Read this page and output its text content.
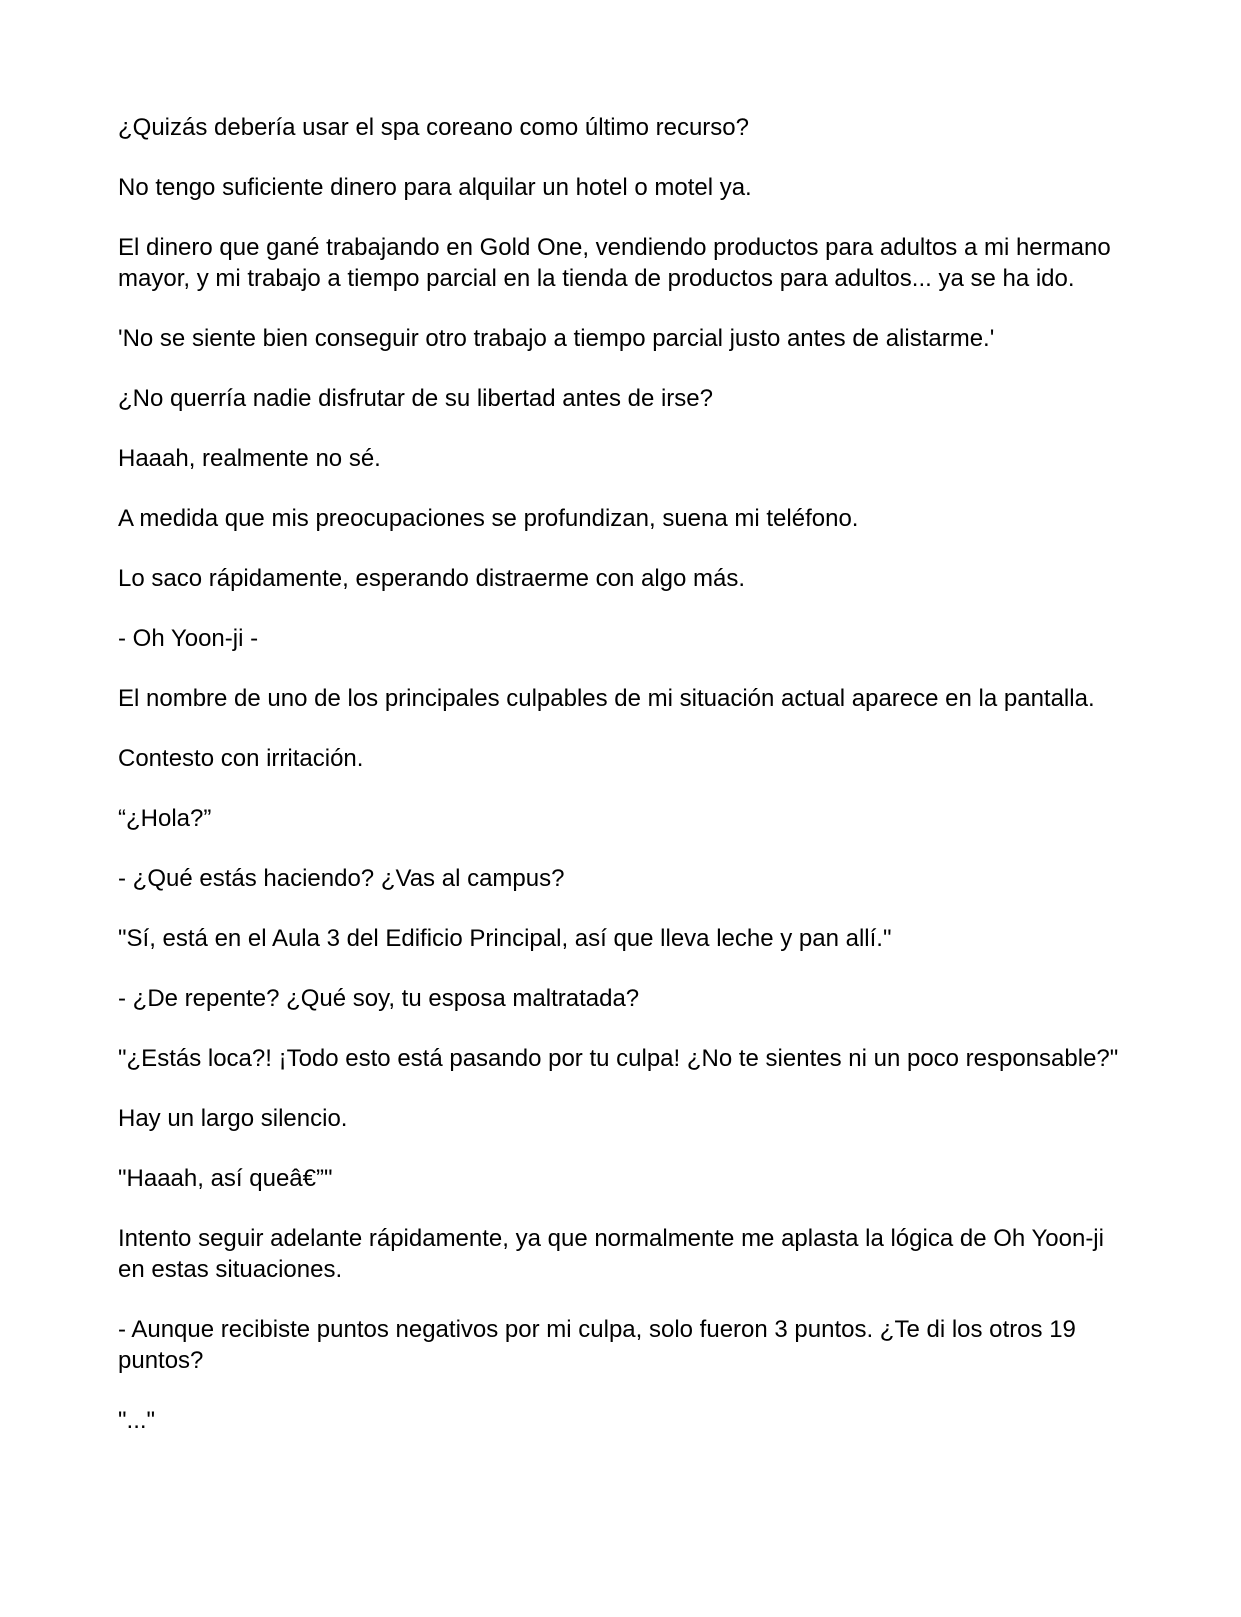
¿Quizás debería usar el spa coreano como último recurso?

No tengo suficiente dinero para alquilar un hotel o motel ya.

El dinero que gané trabajando en Gold One, vendiendo productos para adultos a mi hermano mayor, y mi trabajo a tiempo parcial en la tienda de productos para adultos... ya se ha ido.

'No se siente bien conseguir otro trabajo a tiempo parcial justo antes de alistarme.'

¿No querría nadie disfrutar de su libertad antes de irse?

Haaah, realmente no sé.

A medida que mis preocupaciones se profundizan, suena mi teléfono.

Lo saco rápidamente, esperando distraerme con algo más.

- Oh Yoon-ji -

El nombre de uno de los principales culpables de mi situación actual aparece en la pantalla.

Contesto con irritación.

“¿Hola?”

- ¿Qué estás haciendo? ¿Vas al campus?

"Sí, está en el Aula 3 del Edificio Principal, así que lleva leche y pan allí."

- ¿De repente? ¿Qué soy, tu esposa maltratada?

"¿Estás loca?! ¡Todo esto está pasando por tu culpa! ¿No te sientes ni un poco responsable?"

Hay un largo silencio.

"Haaah, así queâ€”"

Intento seguir adelante rápidamente, ya que normalmente me aplasta la lógica de Oh Yoon-ji en estas situaciones.

- Aunque recibiste puntos negativos por mi culpa, solo fueron 3 puntos. ¿Te di los otros 19 puntos?

"..."
